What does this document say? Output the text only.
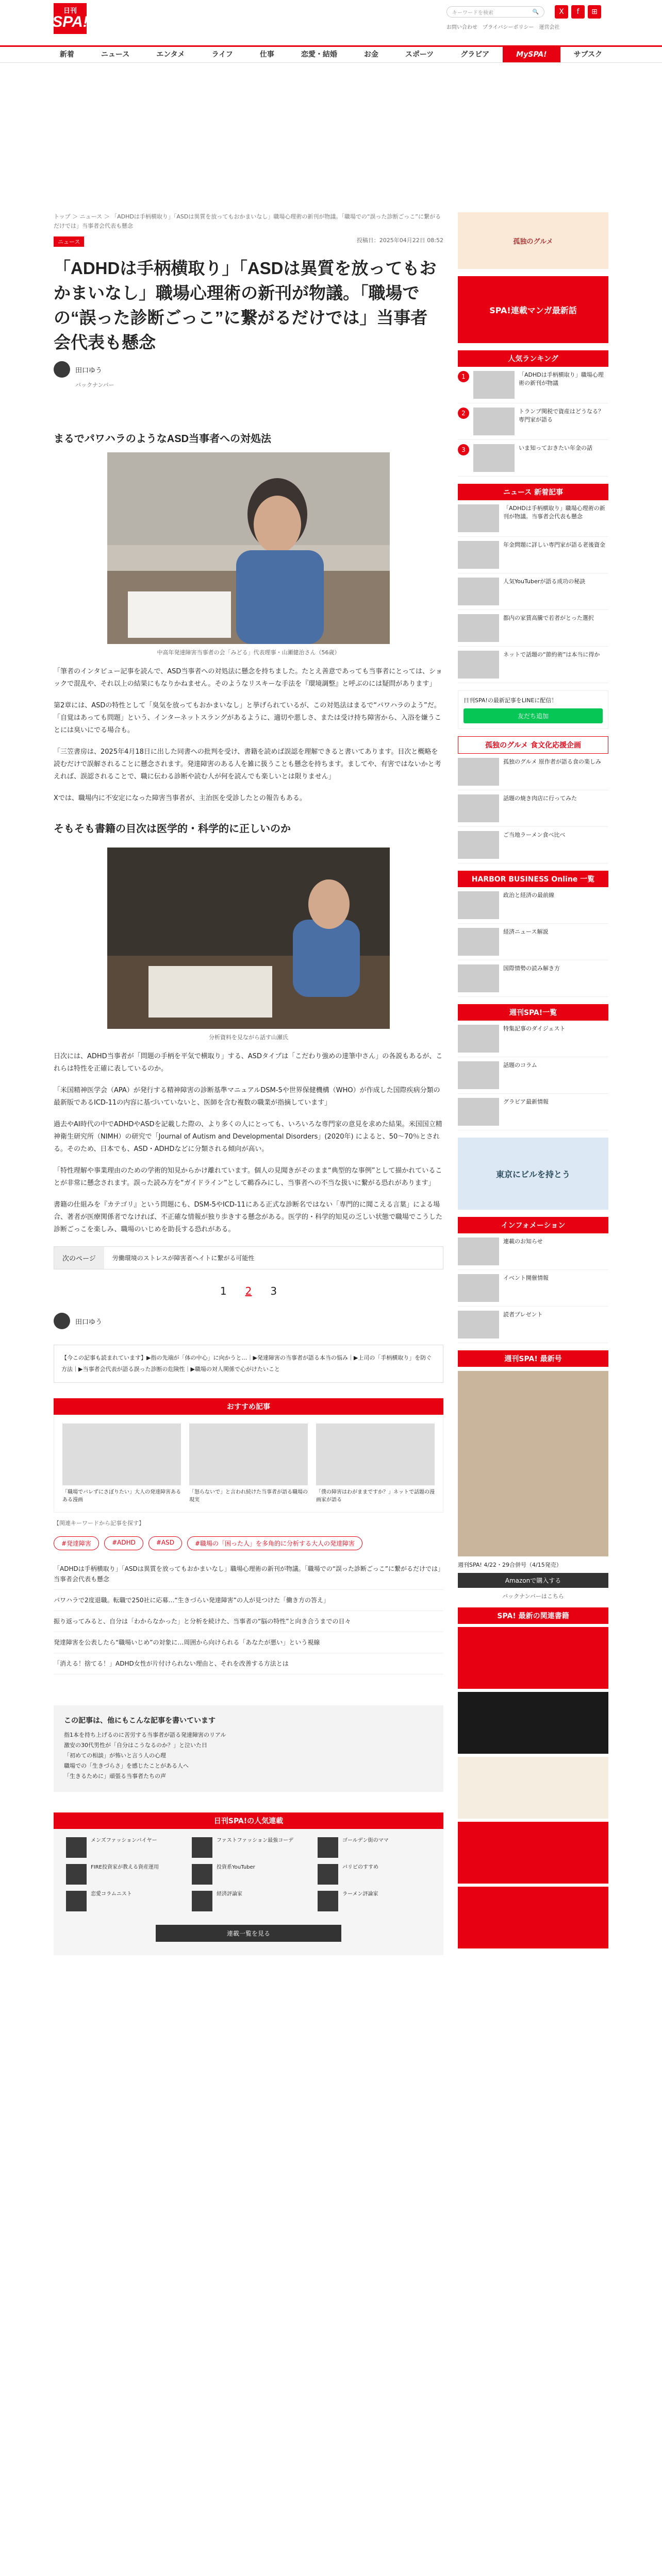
日刊
SPA!
キーワードを検索	🔍	X	f	⊞
お問い合わせ プライバシーポリシー 運営会社
新着	ニュース	エンタメ	ライフ	仕事	恋愛・結婚	お金	スポーツ	グラビア	MySPA!	サブスク
トップ ＞ ニュース ＞ 「ADHDは手柄横取り」「ASDは異質を放ってもおかまいなし」職場心理術の新刊が物議。「職場での“誤った診断ごっこ”に繋がるだけでは」当事者会代表も懸念
ニュース	投稿日：2025年04月22日 08:52
「ADHDは手柄横取り」「ASDは異質を放ってもおかまいなし」職場心理術の新刊が物議。「職場での“誤った診断ごっこ”に繋がるだけでは」当事者会代表も懸念
田口ゆう
バックナンバー
まるでパワハラのようなASD当事者への対処法
中高年発達障害当事者の会「みどる」代表理事・山瀬健治さん（56歳）

「筆者のインタビュー記事を読んで、ASD当事者への対処法に懸念を持ちました。たとえ善意であっても当事者にとっては、ショックで混乱や、それ以上の結果にもなりかねません。そのようなリスキーな手法を『環境調整』と呼ぶのには疑問があります」

第2章には、ASDの特性として「臭気を放ってもおかまいなし」と挙げられているが、この対処法はまるで“パワハラのよう”だ。「自覚はあっても問題」という、インターネットスラングがあるように、適切や悪しさ、または受け持ち障害から、入浴を嫌うことには臭いにでる場合も。

「三笠書房は、2025年4月18日に出した同書への批判を受け、書籍を読めば誤認を理解できると書いてあります。目次と概略を読むだけで誤解されることに懸念されます。発達障害のある人を雑に扱うことも懸念を持ちます。ましてや、有害ではないかと考えれば、誤認されることで、職に伝わる診断や読む人が何を読んでも楽しいとは限りません」

Xでは、職場内に不安定になった障害当事者が、主治医を受診したとの報告もある。

そもそも書籍の目次は医学的・科学的に正しいのか
分析資料を見ながら話す山瀬氏

日次には、ADHD当事者が「問題の手柄を平気で横取り」する、ASDタイプは「こだわり強めの達筆中さん」の各説もあるが、これらは特性を正確に表しているのか。

「米国精神医学会（APA）が発行する精神障害の診断基準マニュアルDSM-5や世界保健機構（WHO）が作成した国際疾病分類の最新版であるICD-11の内容に基づいていないと、医師を含む複数の職業が指摘しています」

過去やAI時代の中でADHDやASDを記載した際の、より多くの人にとっても、いろいろな専門家の意見を求めた結果。米国国立精神衛生研究所（NIMH）の研究で「Journal of Autism and Developmental Disorders」(2020年) によると、50〜70％とされる。そのため、日本でも、ASD・ADHDなどに分類される傾向が高い。

「特性理解や事業理由のための学術的知見からかけ離れています。個人の見聞きがそのまま“典型的な事例”として描かれていることが非常に懸念されます。誤った読み方を“ガイドライン”として鵜呑みにし、当事者への不当な扱いに繋がる恐れがあります」

書籍の仕組みを『カテゴリ』という問題にも、DSM-5やICD-11にある正式な診断名ではない「専門的に聞こえる言葉」による場合、著者が医療関係者でなければ、不正確な情報が独り歩きする懸念がある。医学的・科学的知見の乏しい状態で職場でこうした診断ごっこを楽しみ、職場のいじめを助長する恐れがある。

次のページ	労働環境のストレスが障害者ヘイトに繋がる可能性
1 2 3
田口ゆう
【今この記事も読まれています】▶指の先端が「体の中心」に向かうと…｜▶発達障害の当事者が語る本当の悩み｜▶上司の「手柄横取り」を防ぐ方法｜▶当事者会代表が語る誤った診断の危険性｜▶職場の対人関係で心がけたいこと
おすすめ記事
「職場でバレずにさぼりたい」大人の発達障害あるある漫画
「怒らないで」と言われ続けた当事者が語る職場の現実
「僕の障害はわがままですか？」ネットで話題の漫画家が語る
【関連キーワードから記事を探す】
#発達障害	#ADHD	#ASD	#職場の「困った人」を多角的に分析する大人の発達障害
「ADHDは手柄横取り」「ASDは異質を放ってもおかまいなし」職場心理術の新刊が物議。「職場での“誤った診断ごっこ”に繋がるだけでは」当事者会代表も懸念
パワハラで2度退職。転職で250社に応募…“生きづらい発達障害”の人が見つけた「働き方の答え」
振り返ってみると、自分は「わからなかった」と分析を続けた、当事者の“脳の特性”と向き合うまでの日々
発達障害を公表したら“職場いじめ”の対象に…周囲から向けられる「あなたが悪い」という視線
「消える！捨てる！」ADHD女性が片付けられない理由と、それを改善する方法とは
この記事は、他にもこんな記事を書いています
指1本を持ち上げるのに苦労する当事者が語る発達障害のリアル
激安の30代男性が「自分はこうなるのか？」と泣いた日
「初めての相談」が怖いと言う人の心理
職場での「生きづらさ」を感じたことがある人へ
「生きるために」頑張る当事者たちの声
日刊SPA!の人気連載
メンズファッションバイヤー	ファストファッション最強コーデ	ゴールデン街のママ
FIRE投資家が教える資産運用	投資系YouTuber	パリピのすすめ
恋愛コラムニスト	経済評論家	ラーメン評論家
連載一覧を見る
孤独のグルメ
SPA!連載マンガ最新話
人気ランキング
1	「ADHDは手柄横取り」職場心理術の新刊が物議
2	トランプ関税で資産はどうなる？専門家が語る
3	いま知っておきたい年金の話
ニュース 新着記事
「ADHDは手柄横取り」職場心理術の新刊が物議。当事者会代表も懸念
年金問題に詳しい専門家が語る老後資金
人気YouTuberが語る成功の秘訣
都内の家賃高騰で若者がとった選択
ネットで話題の“節約術”は本当に得か
日刊SPA!の最新記事をLINEに配信！
友だち追加
孤独のグルメ 食文化応援企画
孤独のグルメ 原作者が語る食の楽しみ
話題の焼き肉店に行ってみた
ご当地ラーメン食べ比べ
HARBOR BUSINESS Online 一覧
政治と経済の最前線
経済ニュース解説
国際情勢の読み解き方
週刊SPA!一覧
特集記事のダイジェスト
話題のコラム
グラビア最新情報
東京にビルを持とう
インフォメーション
連載のお知らせ
イベント開催情報
読者プレゼント
週刊SPA! 最新号
週刊SPA! 4/22・29合併号（4/15発売）
Amazonで購入する
バックナンバーはこちら
SPA! 最新の関連書籍
